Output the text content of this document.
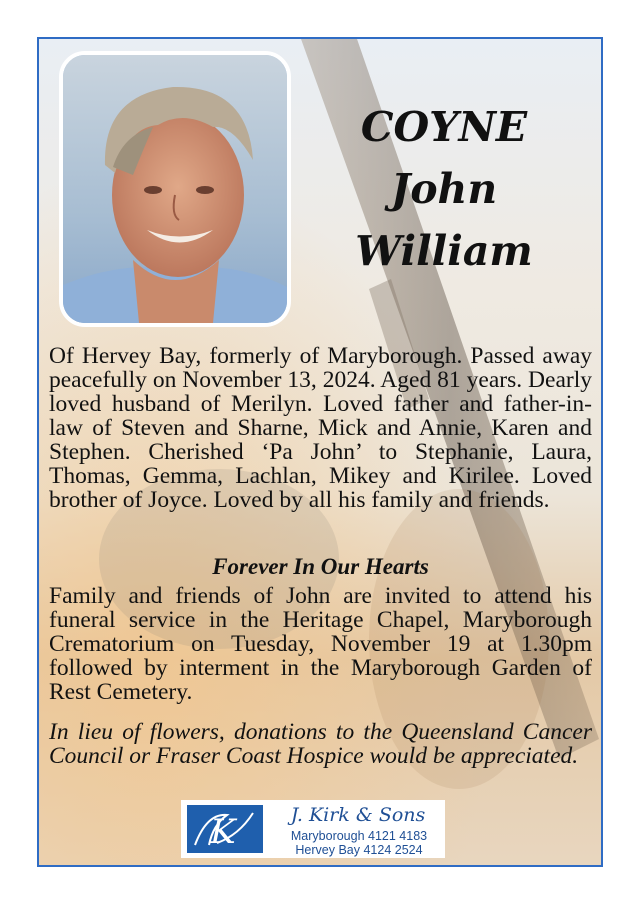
COYNE
John
William

Of Hervey Bay, formerly of Maryborough. Passed away peacefully on November 13, 2024. Aged 81 years. Dearly loved husband of Merilyn. Loved father and father-in-law of Steven and Sharne, Mick and Annie, Karen and Stephen. Cherished ‘Pa John’ to Stephanie, Laura, Thomas, Gemma, Lachlan, Mikey and Kirilee. Loved brother of Joyce. Loved by all his family and friends.

Forever In Our Hearts

Family and friends of John are invited to attend his funeral service in the Heritage Chapel, Maryborough Crematorium on Tuesday, November 19 at 1.30pm followed by interment in the Maryborough Garden of Rest Cemetery.

In lieu of flowers, donations to the Queensland Cancer Council or Fraser Coast Hospice would be appreciated.

K	J. Kirk & Sons
Maryborough 4121 4183
Hervey Bay 4124 2524
